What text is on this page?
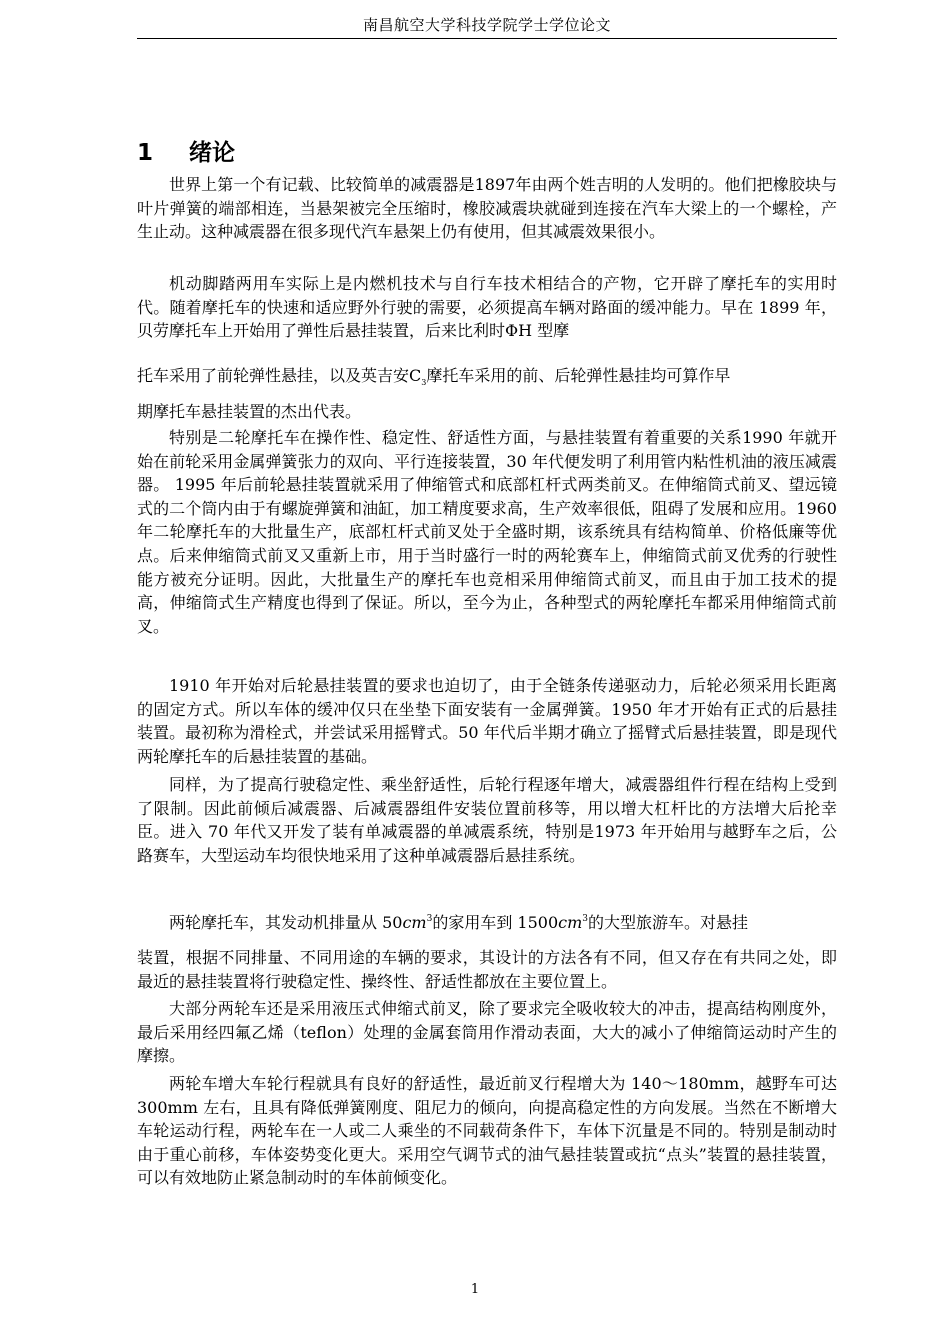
南昌航空大学科技学院学士学位论文
1 绪论

世界上第一个有记载、比较简单的减震器是1897年由两个姓吉明的人发明的。他们把橡胶块与叶片弹簧的端部相连，当悬架被完全压缩时，橡胶减震块就碰到连接在汽车大梁上的一个螺栓，产生止动。这种减震器在很多现代汽车悬架上仍有使用，但其减震效果很小。

机动脚踏两用车实际上是内燃机技术与自行车技术相结合的产物，它开辟了摩托车的实用时代。随着摩托车的快速和适应野外行驶的需要，必须提高车辆对路面的缓冲能力。早在 1899 年，贝劳摩托车上开始用了弹性后悬挂装置，后来比利时ΦH 型摩

托车采用了前轮弹性悬挂，以及英吉安$C_3$摩托车采用的前、后轮弹性悬挂均可算作早

期摩托车悬挂装置的杰出代表。

特别是二轮摩托车在操作性、稳定性、舒适性方面，与悬挂装置有着重要的关系1990 年就开始在前轮采用金属弹簧张力的双向、平行连接装置，30 年代便发明了利用管内粘性机油的液压减震器。 1995 年后前轮悬挂装置就采用了伸缩管式和底部杠杆式两类前叉。在伸缩筒式前叉、望远镜式的二个筒内由于有螺旋弹簧和油缸，加工精度要求高，生产效率很低，阻碍了发展和应用。1960 年二轮摩托车的大批量生产，底部杠杆式前叉处于全盛时期，该系统具有结构简单、价格低廉等优点。后来伸缩筒式前叉又重新上市，用于当时盛行一时的两轮赛车上，伸缩筒式前叉优秀的行驶性能方被充分证明。因此，大批量生产的摩托车也竞相采用伸缩筒式前叉，而且由于加工技术的提高，伸缩筒式生产精度也得到了保证。所以，至今为止，各种型式的两轮摩托车都采用伸缩筒式前叉。

1910 年开始对后轮悬挂装置的要求也迫切了，由于全链条传递驱动力，后轮必须采用长距离的固定方式。所以车体的缓冲仅只在坐垫下面安装有一金属弹簧。1950 年才开始有正式的后悬挂装置。最初称为滑栓式，并尝试采用摇臂式。50 年代后半期才确立了摇臂式后悬挂装置，即是现代两轮摩托车的后悬挂装置的基础。

同样，为了提高行驶稳定性、乘坐舒适性，后轮行程逐年增大，减震器组件行程在结构上受到了限制。因此前倾后减震器、后减震器组件安装位置前移等，用以增大杠杆比的方法增大后抡幸臣。进入 70 年代又开发了装有单减震器的单减震系统，特别是1973 年开始用与越野车之后，公路赛车，大型运动车均很快地采用了这种单减震器后悬挂系统。

两轮摩托车，其发动机排量从 $50cm^3$的家用车到 $1500cm^3$的大型旅游车。对悬挂

装置，根据不同排量、不同用途的车辆的要求，其设计的方法各有不同，但又存在有共同之处，即最近的悬挂装置将行驶稳定性、操终性、舒适性都放在主要位置上。

大部分两轮车还是采用液压式伸缩式前叉，除了要求完全吸收较大的冲击，提高结构刚度外，最后采用经四氟乙烯（teflon）处理的金属套筒用作滑动表面，大大的减小了伸缩筒运动时产生的摩擦。

两轮车增大车轮行程就具有良好的舒适性，最近前叉行程增大为 140～180mm，越野车可达 300mm 左右，且具有降低弹簧刚度、阻尼力的倾向，向提高稳定性的方向发展。当然在不断增大车轮运动行程，两轮车在一人或二人乘坐的不同载荷条件下，车体下沉量是不同的。特别是制动时由于重心前移，车体姿势变化更大。采用空气调节式的油气悬挂装置或抗“点头”装置的悬挂装置，可以有效地防止紧急制动时的车体前倾变化。

1
